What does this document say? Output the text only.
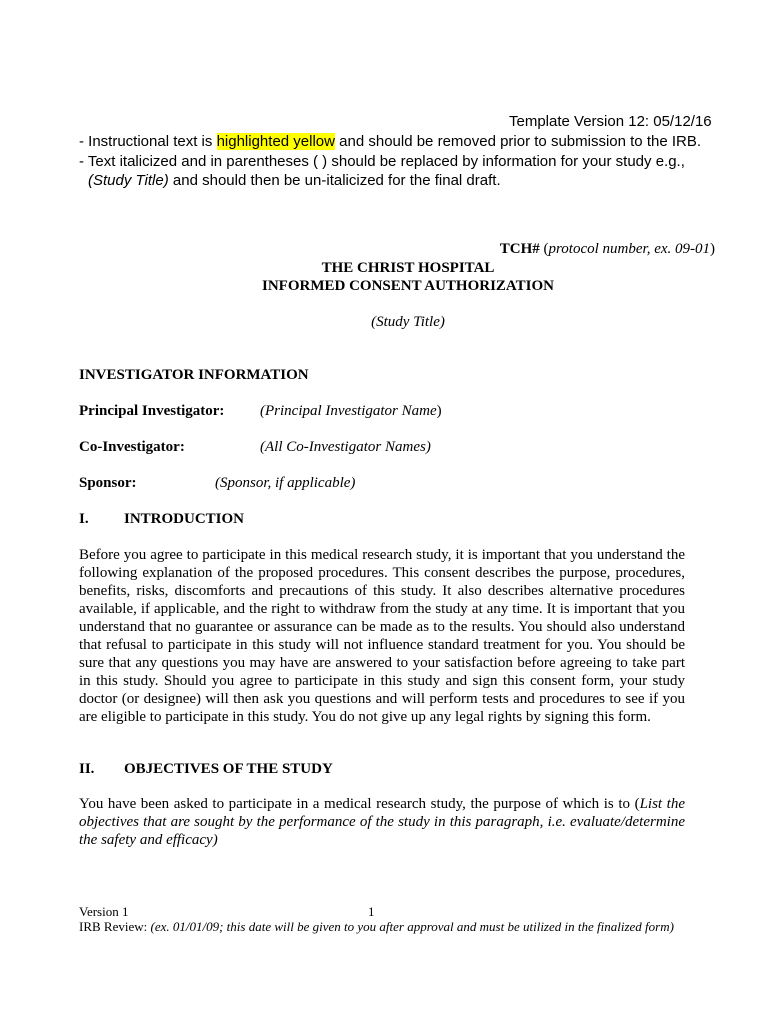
Template Version 12: 05/12/16
- Instructional text is highlighted yellow and should be removed prior to submission to the IRB.
- Text italicized and in parentheses ( ) should be replaced by information for your study e.g.,
(Study Title) and should then be un-italicized for the final draft.
TCH# (protocol number, ex. 09-01)
THE CHRIST HOSPITAL
INFORMED CONSENT AUTHORIZATION
(Study Title)
INVESTIGATOR INFORMATION
Principal Investigator: (Principal Investigator Name)
Co-Investigator:	(All Co-Investigator Names)
Sponsor:	(Sponsor, if applicable)
I. INTRODUCTION
Before you agree to participate in this medical research study, it is important that you understand the following explanation of the proposed procedures. This consent describes the purpose, procedures, benefits, risks, discomforts and precautions of this study. It also describes alternative procedures available, if applicable, and the right to withdraw from the study at any time. It is important that you understand that no guarantee or assurance can be made as to the results. You should also understand that refusal to participate in this study will not influence standard treatment for you. You should be sure that any questions you may have are answered to your satisfaction before agreeing to take part in this study. Should you agree to participate in this study and sign this consent form, your study doctor (or designee) will then ask you questions and will perform tests and procedures to see if you are eligible to participate in this study. You do not give up any legal rights by signing this form.
II. OBJECTIVES OF THE STUDY
You have been asked to participate in a medical research study, the purpose of which is to (List the objectives that are sought by the performance of the study in this paragraph, i.e. evaluate/determine the safety and efficacy)
Version 1	1
IRB Review: (ex. 01/01/09; this date will be given to you after approval and must be utilized in the finalized form)
